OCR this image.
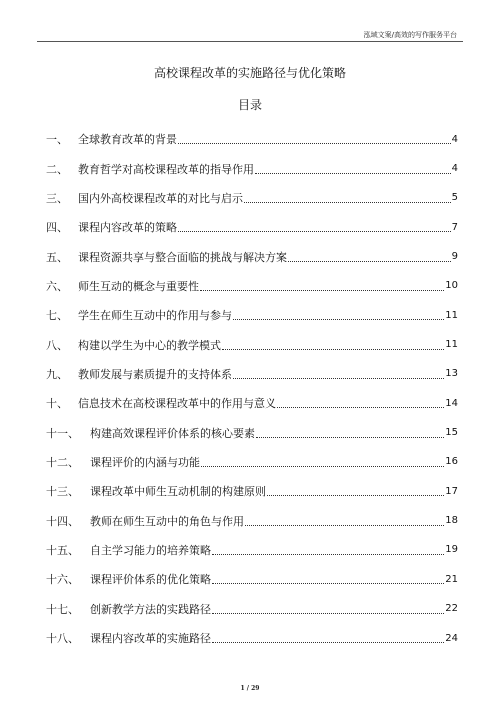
泓域文案/高效的写作服务平台
高校课程改革的实施路径与优化策略
目录
一、 全球教育改革的背景	4
二、 教育哲学对高校课程改革的指导作用	4
三、 国内外高校课程改革的对比与启示	5
四、 课程内容改革的策略	7
五、 课程资源共享与整合面临的挑战与解决方案	9
六、 师生互动的概念与重要性	10
七、 学生在师生互动中的作用与参与	11
八、 构建以学生为中心的教学模式	11
九、 教师发展与素质提升的支持体系	13
十、 信息技术在高校课程改革中的作用与意义	14
十一、	构建高效课程评价体系的核心要素	15
十二、	课程评价的内涵与功能	16
十三、	课程改革中师生互动机制的构建原则	17
十四、	教师在师生互动中的角色与作用	18
十五、	自主学习能力的培养策略	19
十六、	课程评价体系的优化策略	21
十七、	创新教学方法的实践路径	22
十八、	课程内容改革的实施路径	24
1 / 29
